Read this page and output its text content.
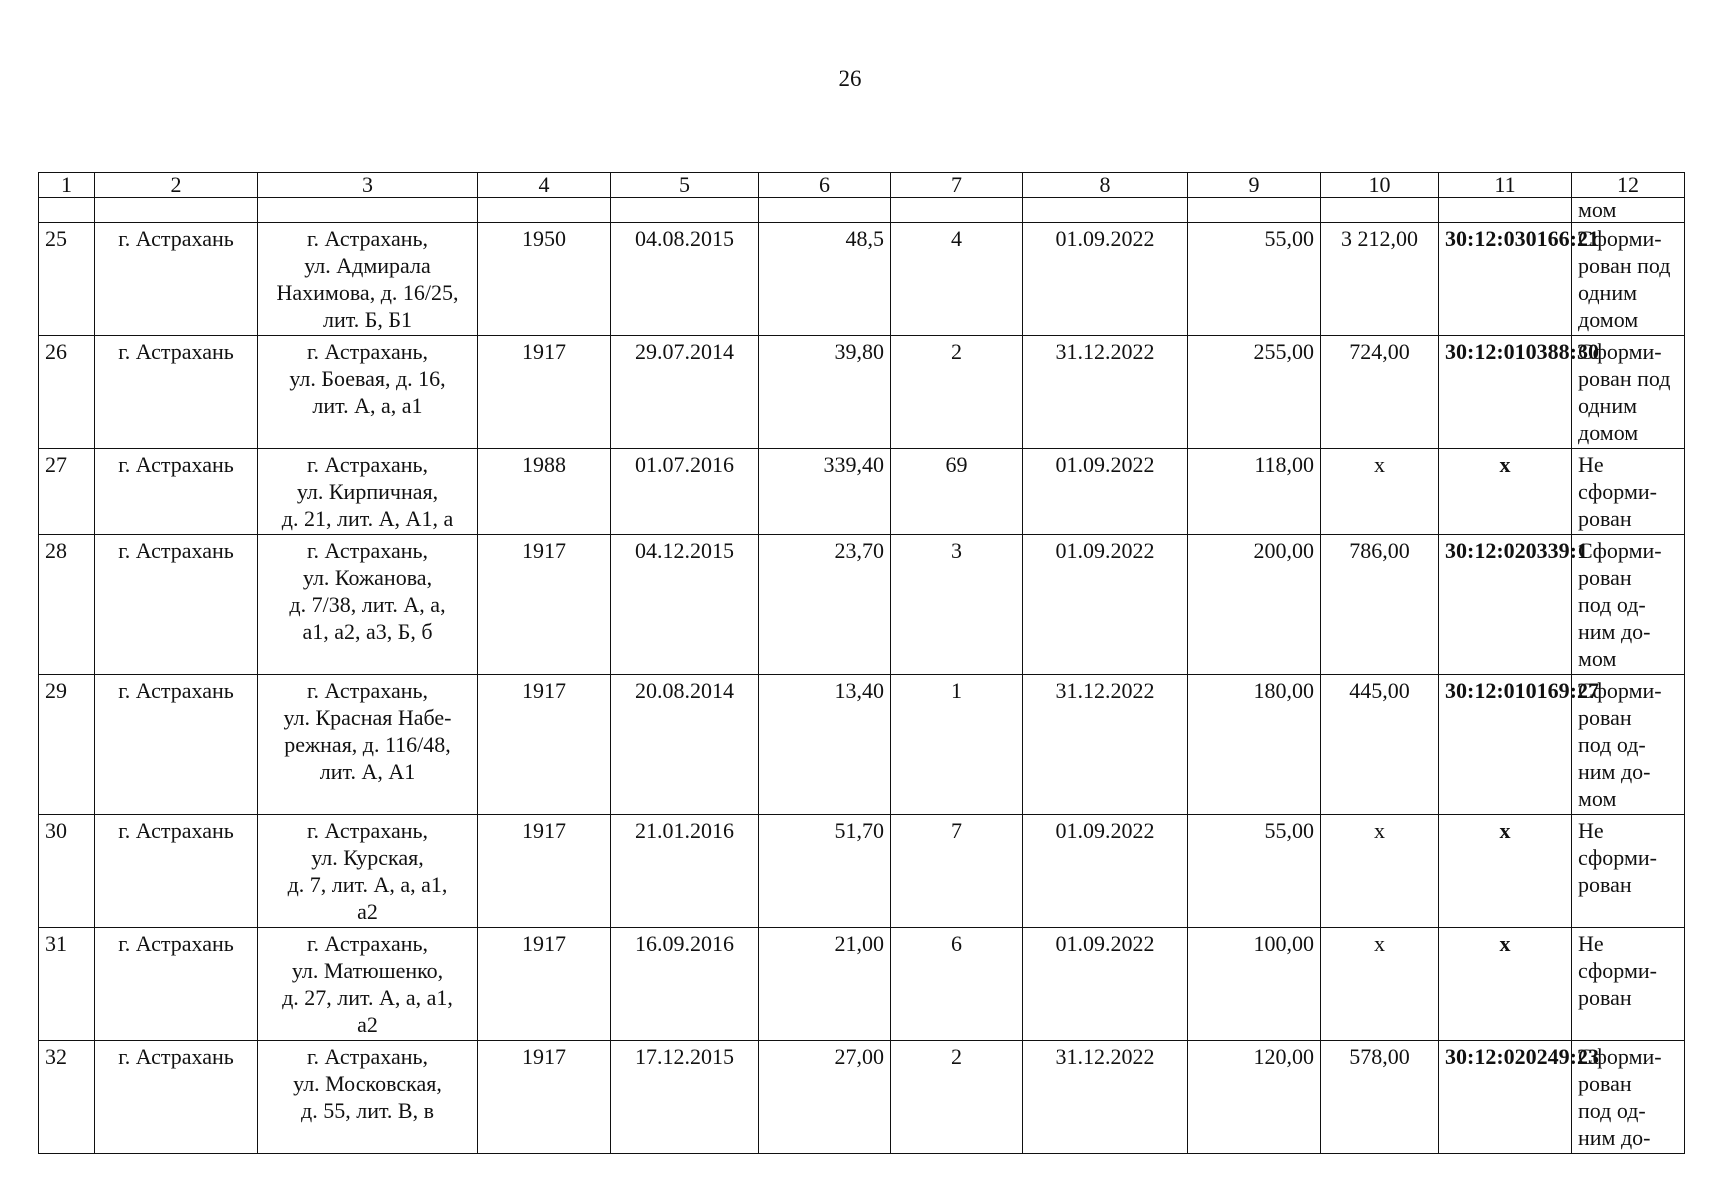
26
1	2	3	4	5	6	7	8	9	10	11	12
											мом
25	г. Астрахань	г. Астрахань,
ул. Адмирала
Нахимова, д. 16/25,
лит. Б, Б1	1950	04.08.2015	48,5	4	01.09.2022	55,00	3 212,00	30:12:030166:21	Сформи-
рован под
одним
домом
26	г. Астрахань	г. Астрахань,
ул. Боевая, д. 16,
лит. А, а, а1	1917	29.07.2014	39,80	2	31.12.2022	255,00	724,00	30:12:010388:30	Сформи-
рован под
одним
домом
27	г. Астрахань	г. Астрахань,
ул. Кирпичная,
д. 21, лит. А, А1, а	1988	01.07.2016	339,40	69	01.09.2022	118,00	х	х	Не
сформи-
рован
28	г. Астрахань	г. Астрахань,
ул. Кожанова,
д. 7/38, лит. А, а,
а1, а2, а3, Б, б	1917	04.12.2015	23,70	3	01.09.2022	200,00	786,00	30:12:020339:1	Сформи-
рован
под од-
ним до-
мом
29	г. Астрахань	г. Астрахань,
ул. Красная Набе-
режная, д. 116/48,
лит. А, А1	1917	20.08.2014	13,40	1	31.12.2022	180,00	445,00	30:12:010169:27	Сформи-
рован
под од-
ним до-
мом
30	г. Астрахань	г. Астрахань,
ул. Курская,
д. 7, лит. А, а, а1,
а2	1917	21.01.2016	51,70	7	01.09.2022	55,00	х	х	Не
сформи-
рован
31	г. Астрахань	г. Астрахань,
ул. Матюшенко,
д. 27, лит. А, а, а1,
а2	1917	16.09.2016	21,00	6	01.09.2022	100,00	х	х	Не
сформи-
рован
32	г. Астрахань	г. Астрахань,
ул. Московская,
д. 55, лит. В, в	1917	17.12.2015	27,00	2	31.12.2022	120,00	578,00	30:12:020249:23	Сформи-
рован
под од-
ним до-
